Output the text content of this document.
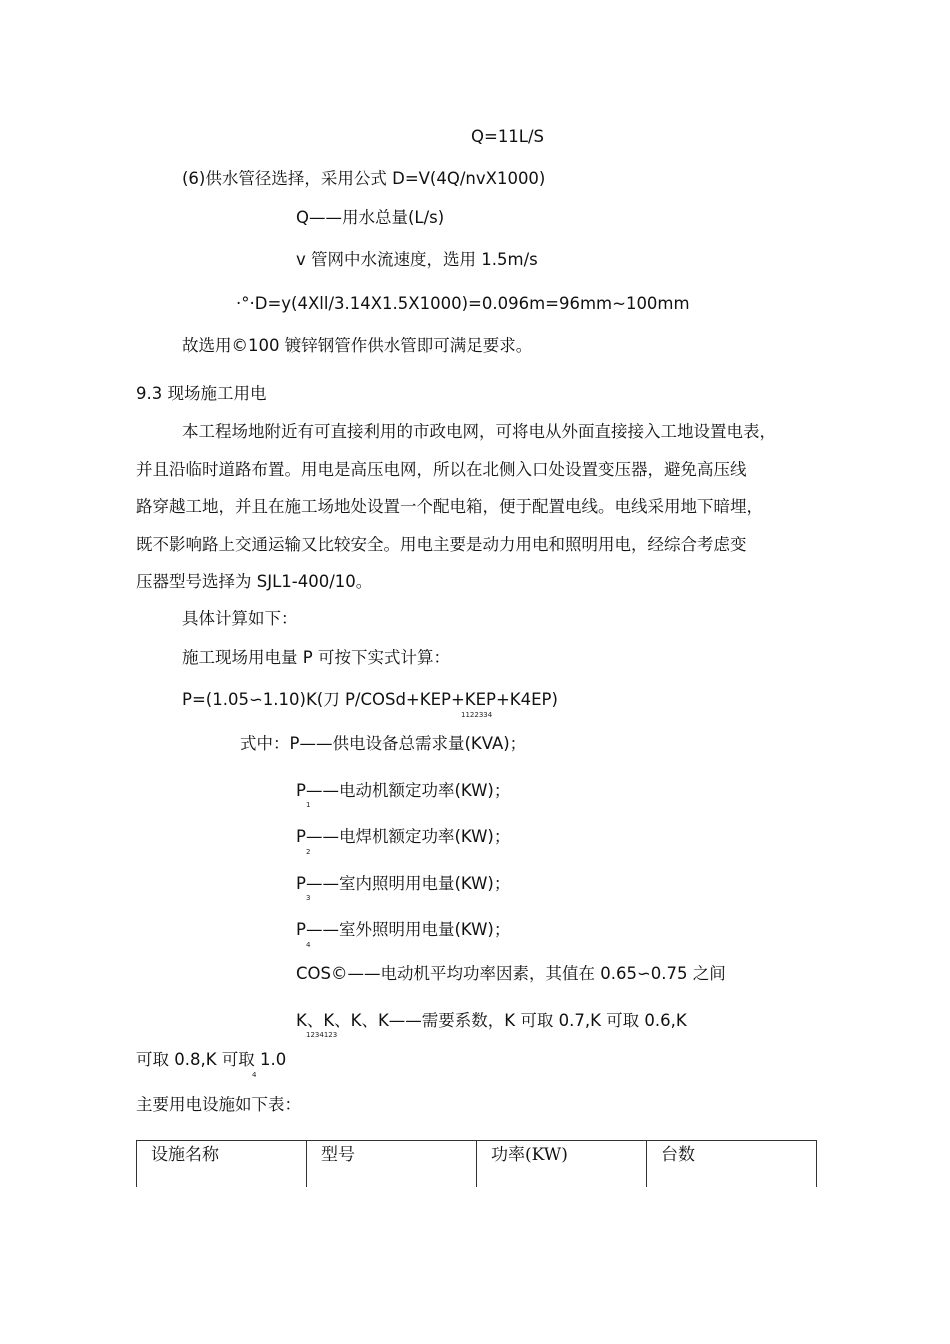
Q=11L/S
(6)供水管径选择，采用公式 D=V(4Q/nvX1000)
Q——用水总量(L/s)
v 管网中水流速度，选用 1.5m/s
·°·D=y(4Xll/3.14X1.5X1000)=0.096m=96mm~100mm
故选用©100 镀锌钢管作供水管即可满足要求。
9.3 现场施工用电
本工程场地附近有可直接利用的市政电网，可将电从外面直接接入工地设置电表，
并且沿临时道路布置。用电是高压电网，所以在北侧入口处设置变压器，避免高压线
路穿越工地，并且在施工场地处设置一个配电箱，便于配置电线。电线采用地下暗埋，
既不影响路上交通运输又比较安全。用电主要是动力用电和照明用电，经综合考虑变
压器型号选择为 SJL1-400/10。
具体计算如下：
施工现场用电量 P 可按下实式计算：
P=(1.05∽1.10)K(刀 P/COSd+KEP+KEP+K4EP)
1122334
式中：P——供电设备总需求量(KVA)；
P——电动机额定功率(KW)；
1
P——电焊机额定功率(KW)；
2
P——室内照明用电量(KW)；
3
P——室外照明用电量(KW)；
4
COS©——电动机平均功率因素，其值在 0.65∽0.75 之间
K、K、K、K——需要系数，K 可取 0.7,K 可取 0.6,K
1234123
可取 0.8,K 可取 1.0
4
主要用电设施如下表：
设施名称	型号	功率(KW)	台数
